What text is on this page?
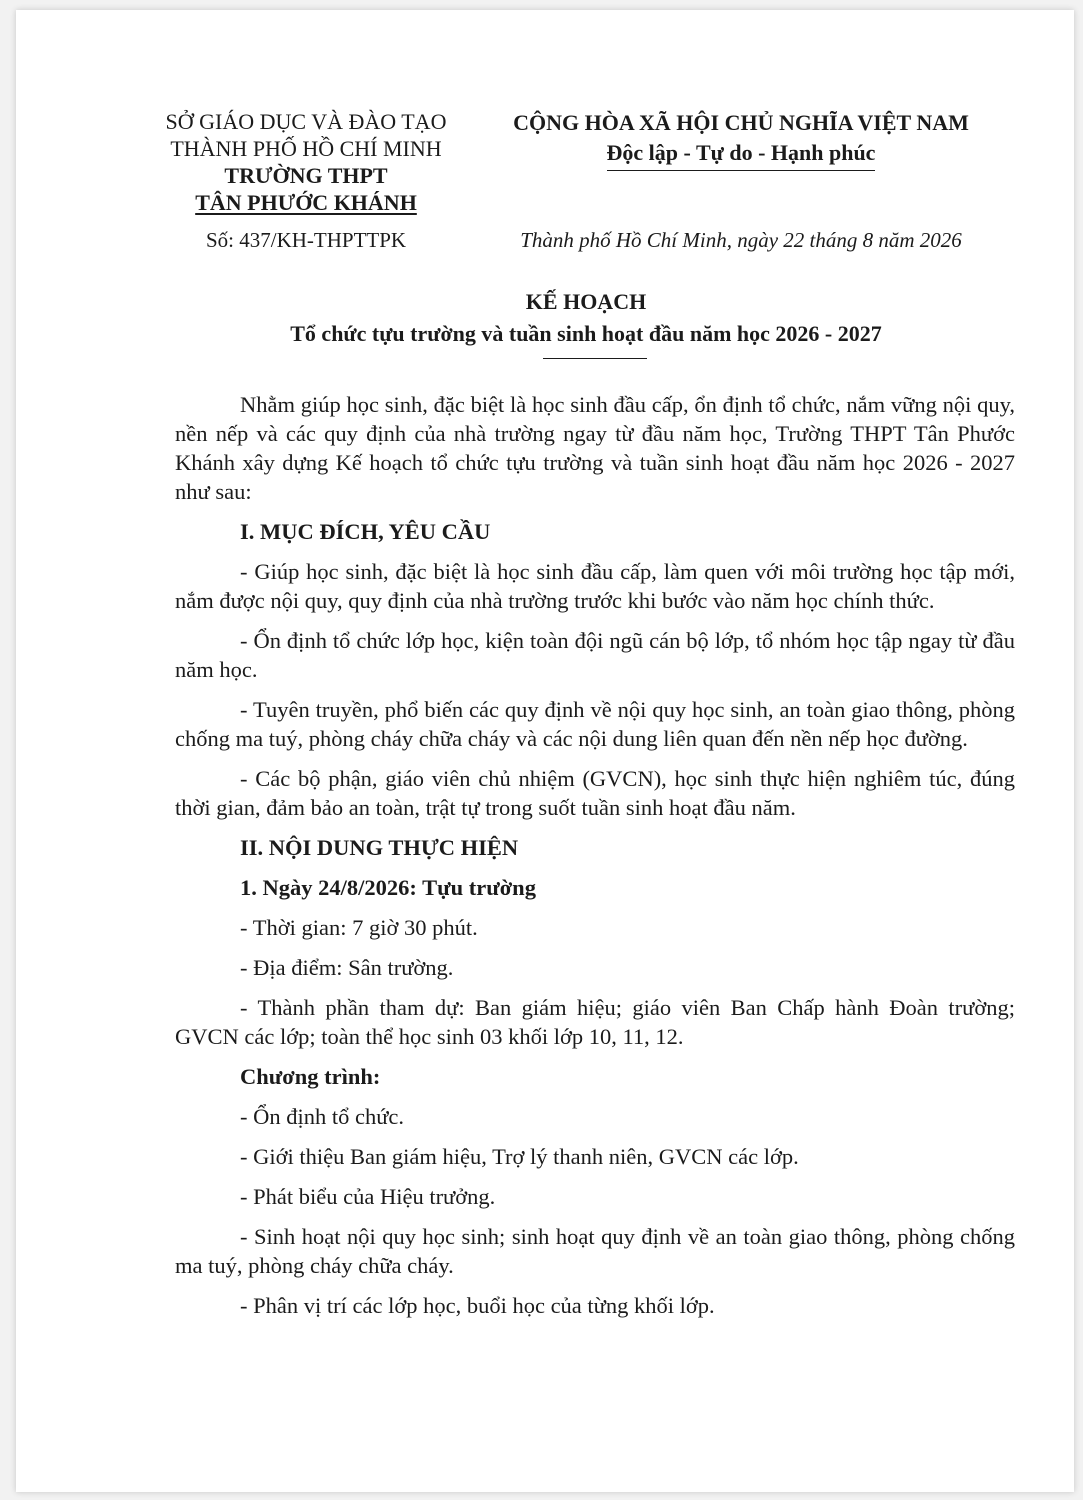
SỞ GIÁO DỤC VÀ ĐÀO TẠO
THÀNH PHỐ HỒ CHÍ MINH
TRƯỜNG THPT
TÂN PHƯỚC KHÁNH
CỘNG HÒA XÃ HỘI CHỦ NGHĨA VIỆT NAM
Độc lập - Tự do - Hạnh phúc
Số: 437/KH-THPTTPK	Thành phố Hồ Chí Minh, ngày 22 tháng 8 năm 2026
KẾ HOẠCH
Tổ chức tựu trường và tuần sinh hoạt đầu năm học 2026 - 2027

Nhằm giúp học sinh, đặc biệt là học sinh đầu cấp, ổn định tổ chức, nắm vững nội quy, nền nếp và các quy định của nhà trường ngay từ đầu năm học, Trường THPT Tân Phước Khánh xây dựng Kế hoạch tổ chức tựu trường và tuần sinh hoạt đầu năm học 2026 - 2027 như sau:

I. MỤC ĐÍCH, YÊU CẦU

- Giúp học sinh, đặc biệt là học sinh đầu cấp, làm quen với môi trường học tập mới, nắm được nội quy, quy định của nhà trường trước khi bước vào năm học chính thức.

- Ổn định tổ chức lớp học, kiện toàn đội ngũ cán bộ lớp, tổ nhóm học tập ngay từ đầu năm học.

- Tuyên truyền, phổ biến các quy định về nội quy học sinh, an toàn giao thông, phòng chống ma tuý, phòng cháy chữa cháy và các nội dung liên quan đến nền nếp học đường.

- Các bộ phận, giáo viên chủ nhiệm (GVCN), học sinh thực hiện nghiêm túc, đúng thời gian, đảm bảo an toàn, trật tự trong suốt tuần sinh hoạt đầu năm.

II. NỘI DUNG THỰC HIỆN

1. Ngày 24/8/2026: Tựu trường

- Thời gian: 7 giờ 30 phút.

- Địa điểm: Sân trường.

- Thành phần tham dự: Ban giám hiệu; giáo viên Ban Chấp hành Đoàn trường; GVCN các lớp; toàn thể học sinh 03 khối lớp 10, 11, 12.

Chương trình:

- Ổn định tổ chức.

- Giới thiệu Ban giám hiệu, Trợ lý thanh niên, GVCN các lớp.

- Phát biểu của Hiệu trưởng.

- Sinh hoạt nội quy học sinh; sinh hoạt quy định về an toàn giao thông, phòng chống ma tuý, phòng cháy chữa cháy.

- Phân vị trí các lớp học, buổi học của từng khối lớp.
